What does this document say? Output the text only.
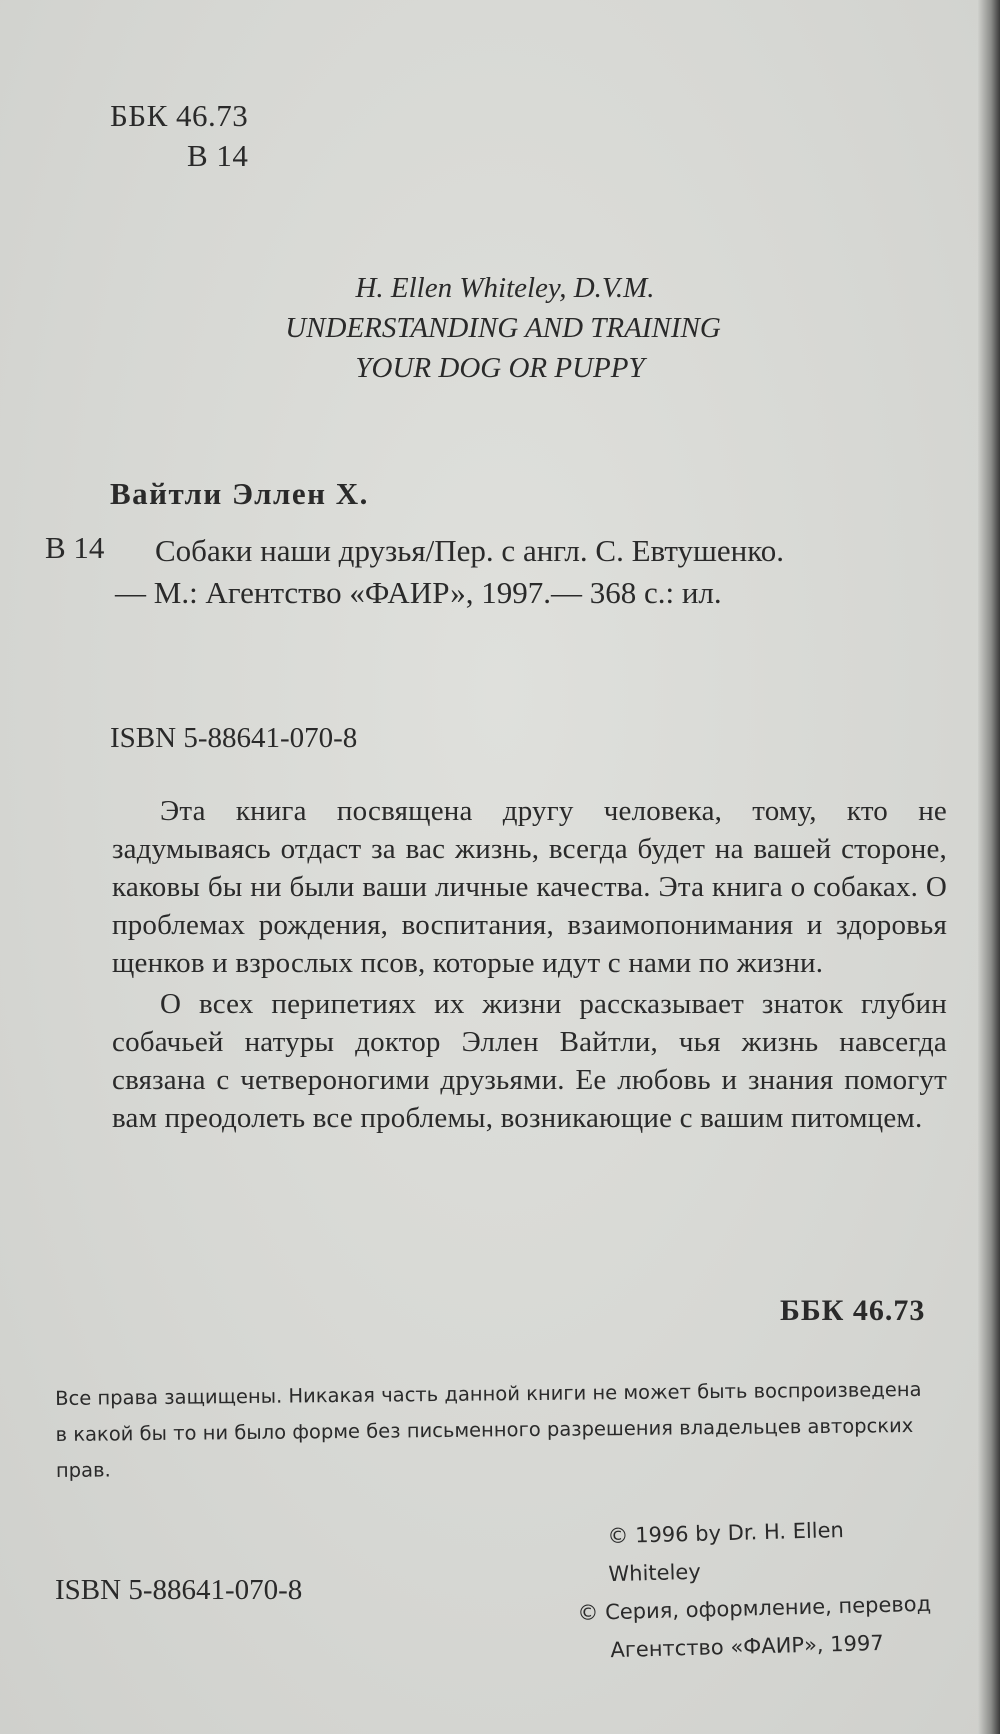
ББК 46.73
В 14
H. Ellen Whiteley, D.V.M.
UNDERSTANDING AND TRAINING
YOUR DOG OR PUPPY
Вайтли Эллен Х.
В 14 Собаки наши друзья/Пер. с англ. С. Евтушенко.
— М.: Агентство «ФАИР», 1997.— 368 с.: ил.
ISBN 5-88641-070-8

Эта книга посвящена другу человека, тому, кто не задумываясь отдаст за вас жизнь, всегда будет на вашей стороне, каковы бы ни были ваши личные качества. Эта книга о собаках. О проблемах рождения, воспитания, взаимопонимания и здоровья щенков и взрослых псов, которые идут с нами по жизни.

О всех перипетиях их жизни рассказывает знаток глубин собачьей натуры доктор Эллен Вайтли, чья жизнь навсегда связана с четвероногими друзьями. Ее любовь и знания помогут вам преодолеть все проблемы, возникающие с вашим питомцем.

ББК 46.73
Все права защищены. Никакая часть данной книги не может быть воспроизведена в какой бы то ни было форме без письменного разрешения владельцев авторских прав.
ISBN 5-88641-070-8
© 1996 by Dr. H. Ellen Whiteley
© Серия, оформление, перевод
Агентство «ФАИР», 1997
